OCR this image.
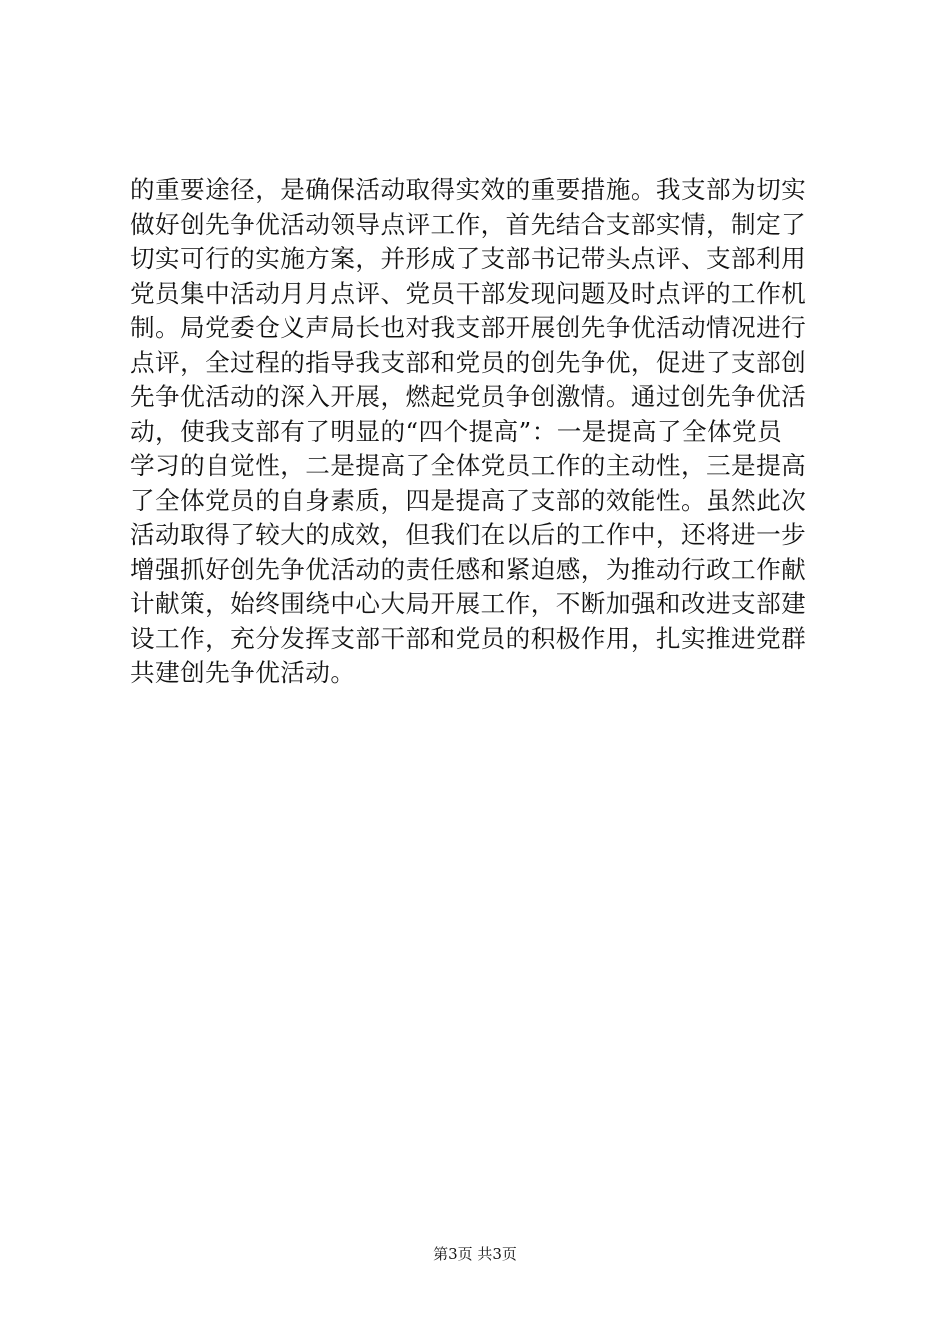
的重要途径，是确保活动取得实效的重要措施。我支部为切实
做好创先争优活动领导点评工作，首先结合支部实情，制定了
切实可行的实施方案，并形成了支部书记带头点评、支部利用
党员集中活动月月点评、党员干部发现问题及时点评的工作机
制。局党委仓义声局长也对我支部开展创先争优活动情况进行
点评，全过程的指导我支部和党员的创先争优，促进了支部创
先争优活动的深入开展，燃起党员争创激情。通过创先争优活
动，使我支部有了明显的“四个提高”：一是提高了全体党员
学习的自觉性，二是提高了全体党员工作的主动性，三是提高
了全体党员的自身素质，四是提高了支部的效能性。虽然此次
活动取得了较大的成效，但我们在以后的工作中，还将进一步
增强抓好创先争优活动的责任感和紧迫感，为推动行政工作献
计献策，始终围绕中心大局开展工作，不断加强和改进支部建
设工作，充分发挥支部干部和党员的积极作用，扎实推进党群
共建创先争优活动。

第3页 共3页
